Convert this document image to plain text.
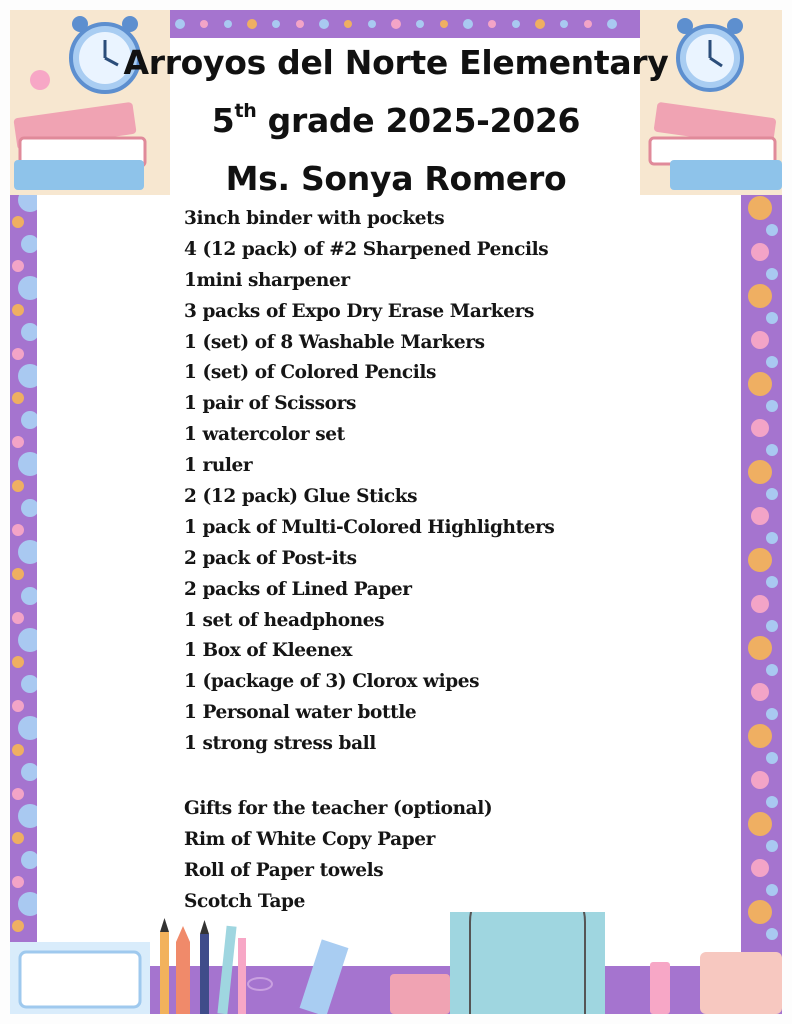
Arroyos del Norte Elementary
5th grade 2025-2026
Ms. Sonya Romero
3inch binder with pockets
4 (12 pack) of #2 Sharpened Pencils
1mini sharpener
3 packs of Expo Dry Erase Markers
1 (set) of 8 Washable Markers
1 (set) of Colored Pencils
1 pair of Scissors
1 watercolor set
1 ruler
2 (12 pack) Glue Sticks
1 pack of Multi-Colored Highlighters
2 pack of Post-its
2 packs of Lined Paper
1 set of headphones
1 Box of Kleenex
1 (package of 3) Clorox wipes
1 Personal water bottle
1 strong stress ball
Gifts for the teacher (optional)
Rim of White Copy Paper
Roll of Paper towels
Scotch Tape
